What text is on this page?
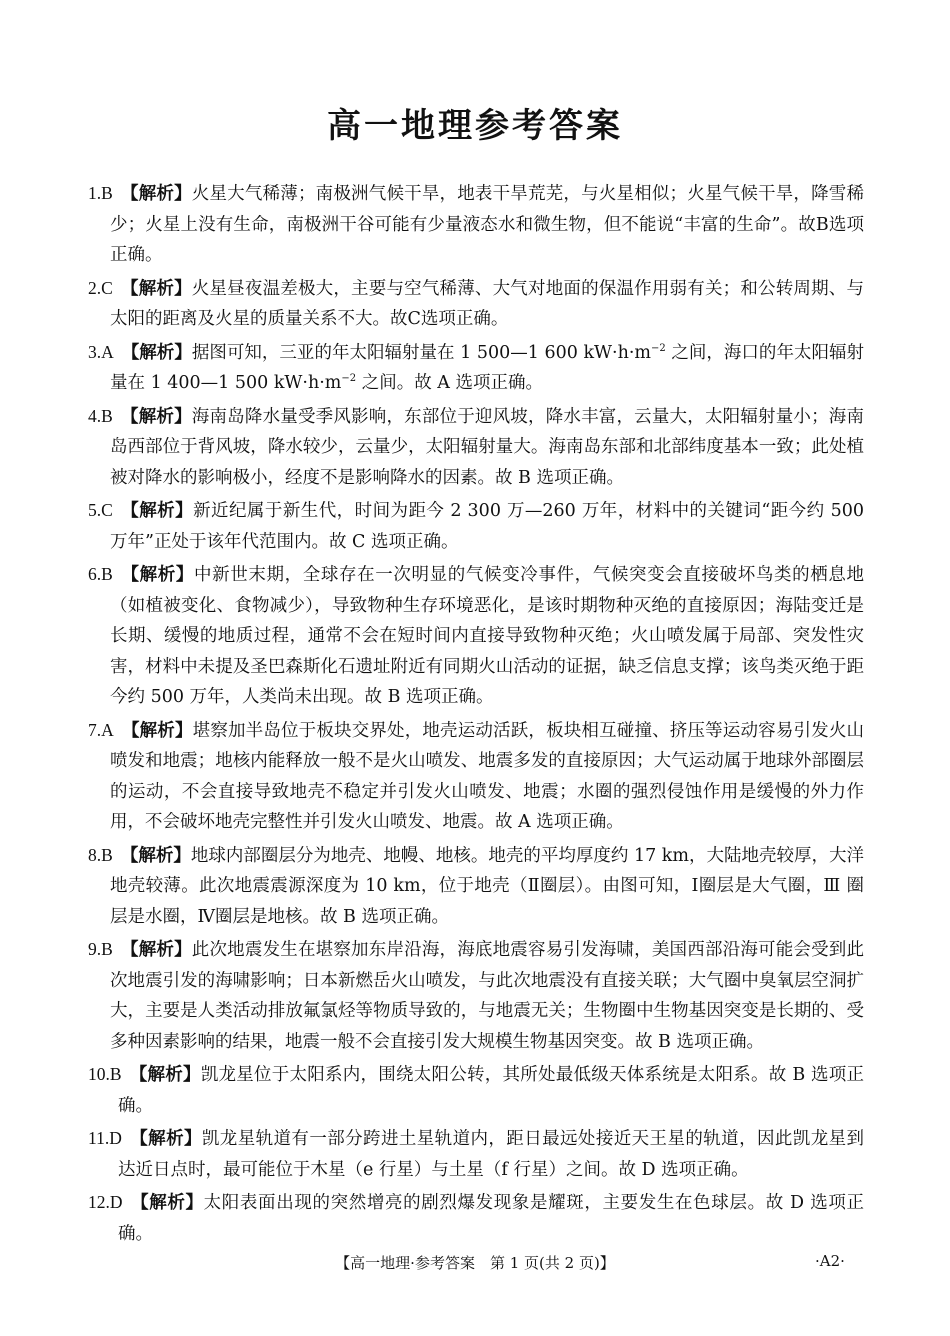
高一地理参考答案

1.B 【解析】火星大气稀薄；南极洲气候干旱，地表干旱荒芜，与火星相似；火星气候干旱，降雪稀少；火星上没有生命，南极洲干谷可能有少量液态水和微生物，但不能说“丰富的生命”。故B选项正确。

2.C 【解析】火星昼夜温差极大，主要与空气稀薄、大气对地面的保温作用弱有关；和公转周期、与太阳的距离及火星的质量关系不大。故C选项正确。

3.A 【解析】据图可知，三亚的年太阳辐射量在 1 500—1 600 $kW\cdot h\cdot m^{-2}$ 之间，海口的年太阳辐射量在 1 400—1 500 $kW\cdot h\cdot m^{-2}$ 之间。故 A 选项正确。

4.B 【解析】海南岛降水量受季风影响，东部位于迎风坡，降水丰富，云量大，太阳辐射量小；海南岛西部位于背风坡，降水较少，云量少，太阳辐射量大。海南岛东部和北部纬度基本一致；此处植被对降水的影响极小，经度不是影响降水的因素。故 B 选项正确。

5.C 【解析】新近纪属于新生代，时间为距今 2 300 万—260 万年，材料中的关键词“距今约 500 万年”正处于该年代范围内。故 C 选项正确。

6.B 【解析】中新世末期，全球存在一次明显的气候变冷事件，气候突变会直接破坏鸟类的栖息地（如植被变化、食物减少），导致物种生存环境恶化，是该时期物种灭绝的直接原因；海陆变迁是长期、缓慢的地质过程，通常不会在短时间内直接导致物种灭绝；火山喷发属于局部、突发性灾害，材料中未提及圣巴森斯化石遗址附近有同期火山活动的证据，缺乏信息支撑；该鸟类灭绝于距今约 500 万年，人类尚未出现。故 B 选项正确。

7.A 【解析】堪察加半岛位于板块交界处，地壳运动活跃，板块相互碰撞、挤压等运动容易引发火山喷发和地震；地核内能释放一般不是火山喷发、地震多发的直接原因；大气运动属于地球外部圈层的运动，不会直接导致地壳不稳定并引发火山喷发、地震；水圈的强烈侵蚀作用是缓慢的外力作用，不会破坏地壳完整性并引发火山喷发、地震。故 A 选项正确。

8.B 【解析】地球内部圈层分为地壳、地幔、地核。地壳的平均厚度约 17 km，大陆地壳较厚，大洋地壳较薄。此次地震震源深度为 10 km，位于地壳（Ⅱ圈层）。由图可知，Ⅰ圈层是大气圈，Ⅲ 圈层是水圈，Ⅳ圈层是地核。故 B 选项正确。

9.B 【解析】此次地震发生在堪察加东岸沿海，海底地震容易引发海啸，美国西部沿海可能会受到此次地震引发的海啸影响；日本新燃岳火山喷发，与此次地震没有直接关联；大气圈中臭氧层空洞扩大，主要是人类活动排放氟氯烃等物质导致的，与地震无关；生物圈中生物基因突变是长期的、受多种因素影响的结果，地震一般不会直接引发大规模生物基因突变。故 B 选项正确。

10.B 【解析】凯龙星位于太阳系内，围绕太阳公转，其所处最低级天体系统是太阳系。故 B 选项正确。

11.D 【解析】凯龙星轨道有一部分跨进土星轨道内，距日最远处接近天王星的轨道，因此凯龙星到达近日点时，最可能位于木星（e 行星）与土星（f 行星）之间。故 D 选项正确。

12.D 【解析】太阳表面出现的突然增亮的剧烈爆发现象是耀斑，主要发生在色球层。故 D 选项正确。

【高一地理·参考答案　第 1 页(共 2 页)】	·A2·
